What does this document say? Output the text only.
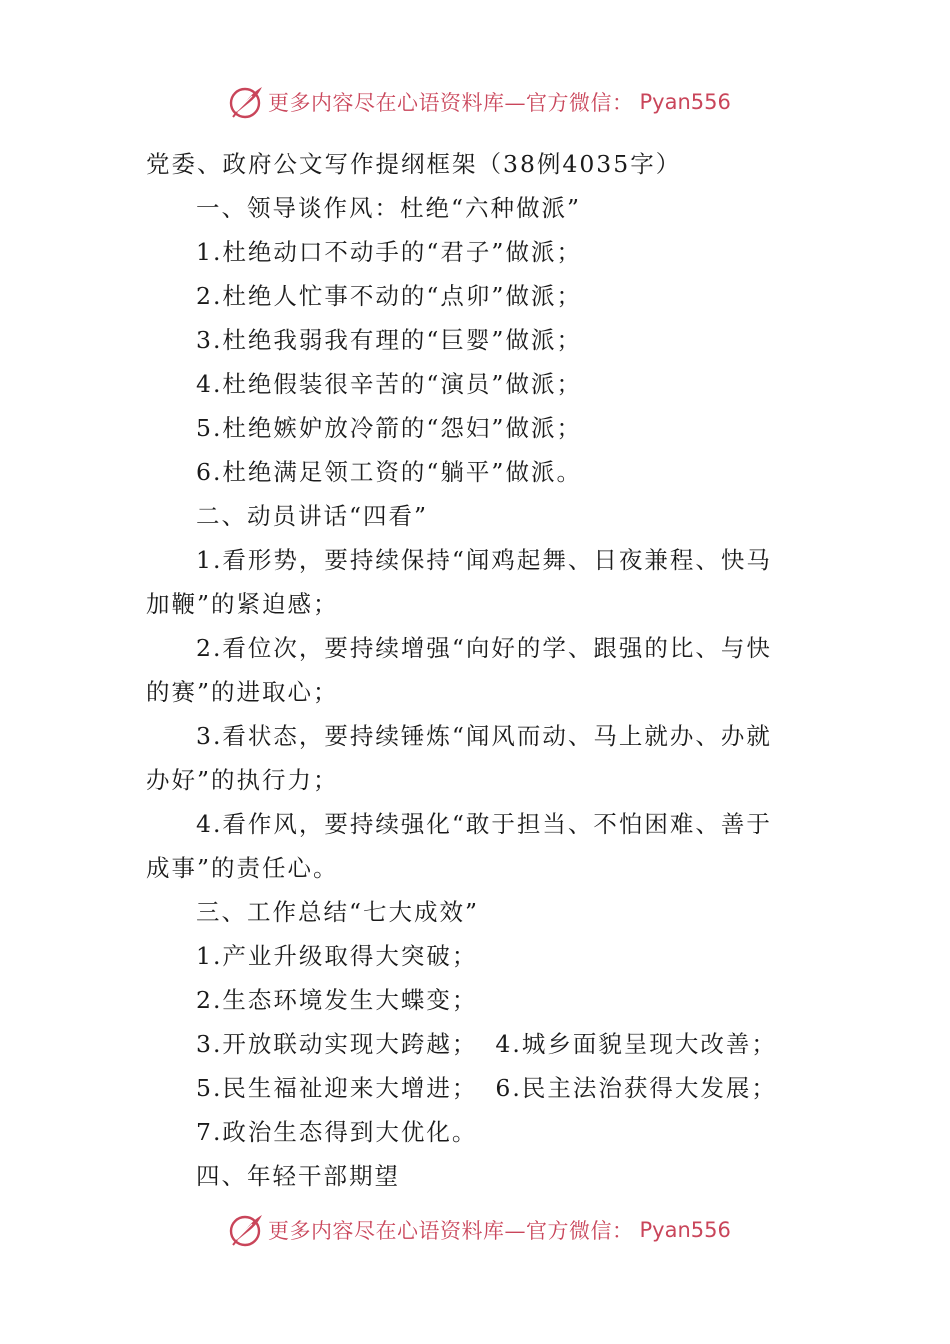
更多内容尽在心语资料库—官方微信： Pyan556

党委、政府公文写作提纲框架（38例4035字）

一、领导谈作风：杜绝“六种做派”

1.杜绝动口不动手的“君子”做派；

2.杜绝人忙事不动的“点卯”做派；

3.杜绝我弱我有理的“巨婴”做派；

4.杜绝假装很辛苦的“演员”做派；

5.杜绝嫉妒放冷箭的“怨妇”做派；

6.杜绝满足领工资的“躺平”做派。

二、动员讲话“四看”

1.看形势，要持续保持“闻鸡起舞、日夜兼程、快马

加鞭”的紧迫感；

2.看位次，要持续增强“向好的学、跟强的比、与快

的赛”的进取心；

3.看状态，要持续锤炼“闻风而动、马上就办、办就

办好”的执行力；

4.看作风，要持续强化“敢于担当、不怕困难、善于

成事”的责任心。

三、工作总结“七大成效”

1.产业升级取得大突破；

2.生态环境发生大蝶变；

3.开放联动实现大跨越； 4.城乡面貌呈现大改善；

5.民生福祉迎来大增进； 6.民主法治获得大发展；

7.政治生态得到大优化。

四、年轻干部期望

更多内容尽在心语资料库—官方微信： Pyan556
